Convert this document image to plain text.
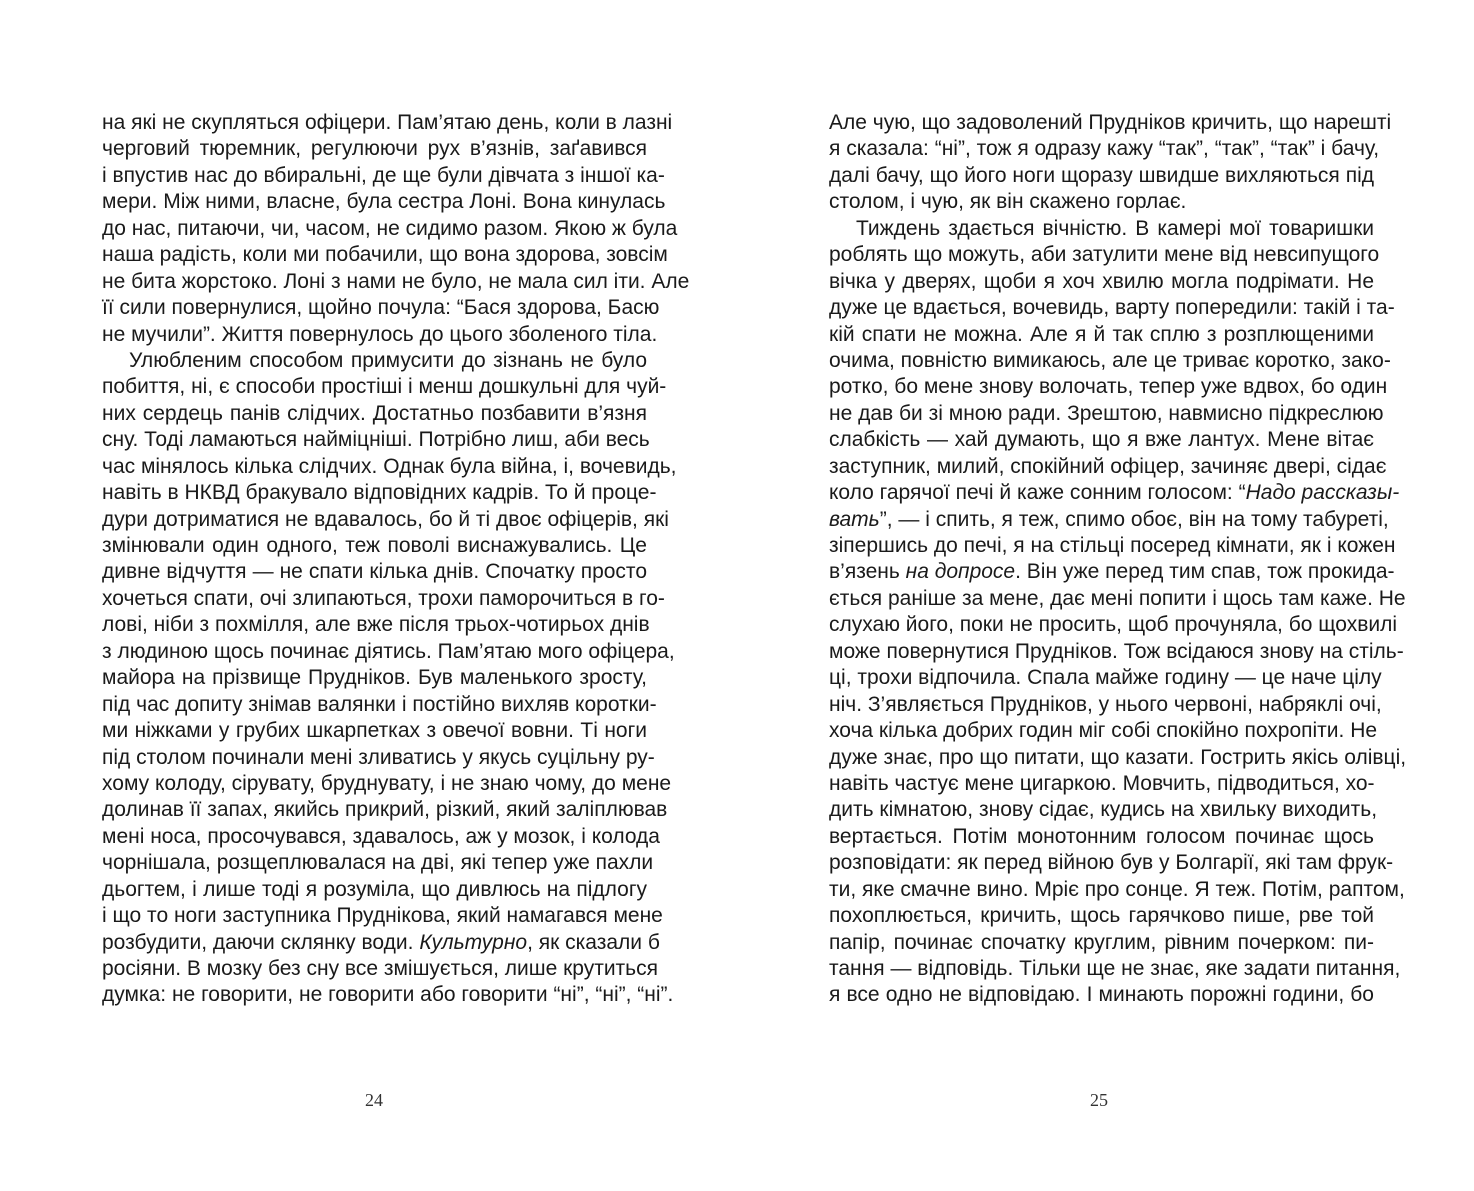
на які не скупляться офіцери. Пам’ятаю день, коли в лазні
черговий тюремник, регулюючи рух в’язнів, заґавився
і впустив нас до вбиральні, де ще були дівчата з іншої ка-
мери. Між ними, власне, була сестра Лоні. Вона кинулась
до нас, питаючи, чи, часом, не сидимо разом. Якою ж була
наша радість, коли ми побачили, що вона здорова, зовсім
не бита жорстоко. Лоні з нами не було, не мала сил іти. Але
її сили повернулися, щойно почула: “Бася здорова, Басю
не мучили”. Життя повернулось до цього зболеного тіла.
Улюбленим способом примусити до зізнань не було
побиття, ні, є способи простіші і менш дошкульні для чуй-
них сердець панів слідчих. Достатньо позбавити в’язня
сну. Тоді ламаються наймiцніші. Потрібно лиш, аби весь
час мінялось кілька слідчих. Однак була війна, і, вочевидь,
навіть в НКВД бракувало відповідних кадрів. То й проце-
дури дотриматися не вдавалось, бо й ті двоє офіцерів, які
змінювали один одного, теж поволі виснажувались. Це
дивне відчуття — не спати кілька днів. Спочатку просто
хочеться спати, очі злипаються, трохи паморочиться в го-
лові, ніби з похмілля, але вже після трьох-чотирьох днів
з людиною щось починає діятись. Пам’ятаю мого офіцера,
майора на прізвище Прудніков. Був маленького зросту,
під час допиту знімав валянки і постійно вихляв коротки-
ми ніжками у грубих шкарпетках з овечої вовни. Ті ноги
під столом починали мені зливатись у якусь суцільну ру-
хому колоду, сірувату, бруднувату, і не знаю чому, до мене
долинав її запах, якийсь прикрий, різкий, який заліплював
мені носа, просочувався, здавалось, аж у мозок, і колода
чорнішала, розщеплювалася на дві, які тепер уже пахли
дьогтем, і лише тоді я розуміла, що дивлюсь на підлогу
і що то ноги заступника Пруднікова, який намагався мене
розбудити, даючи склянку води. Культурно, як сказали б
росіяни. В мозку без сну все змішується, лише крутиться
думка: не говорити, не говорити або говорити “ні”, “ні”, “ні”.
Але чую, що задоволений Прудніков кричить, що нарешті
я сказала: “ні”, тож я одразу кажу “так”, “так”, “так” і бачу,
далі бачу, що його ноги щоразу швидше вихляються під
столом, і чую, як він скажено горлає.
Тиждень здається вічністю. В камері мої товаришки
роблять що можуть, аби затулити мене від невсипущого
вічка у дверях, щоби я хоч хвилю могла подрімати. Не
дуже це вдається, вочевидь, варту попередили: такій і та-
кій спати не можна. Але я й так сплю з розплющеними
очима, повністю вимикаюсь, але це триває коротко, зако-
ротко, бо мене знову волочать, тепер уже вдвох, бо один
не дав би зі мною ради. Зрештою, навмисно підкреслюю
слабкість — хай думають, що я вже лантух. Мене вітає
заступник, милий, спокійний офіцер, зачиняє двері, сідає
коло гарячої печі й каже сонним голосом: “Надо рассказы-
вать”, — і спить, я теж, спимо обоє, він на тому табуреті,
зіпершись до печі, я на стільці посеред кімнати, як і кожен
в’язень на допросе. Він уже перед тим спав, тож прокида-
ється раніше за мене, дає мені попити і щось там каже. Не
слухаю його, поки не просить, щоб прочуняла, бо щохвилі
може повернутися Прудніков. Тож всідаюся знову на стіль-
ці, трохи відпочила. Спала майже годину — це наче цілу
ніч. З’являється Прудніков, у нього червоні, набряклі очі,
хоча кілька добрих годин міг собі спокійно похропіти. Не
дуже знає, про що питати, що казати. Гострить якісь олівці,
навіть частує мене цигаркою. Мовчить, підводиться, хо-
дить кімнатою, знову сідає, кудись на хвильку виходить,
вертається. Потім монотонним голосом починає щось
розповідати: як перед війною був у Болгарії, які там фрук-
ти, яке смачне вино. Мріє про сонце. Я теж. Потім, раптом,
похоплюється, кричить, щось гарячково пише, рве той
папір, починає спочатку круглим, рівним почерком: пи-
тання — відповідь. Тільки ще не знає, яке задати питання,
я все одно не відповідаю. І минають порожні години, бо
24	25
